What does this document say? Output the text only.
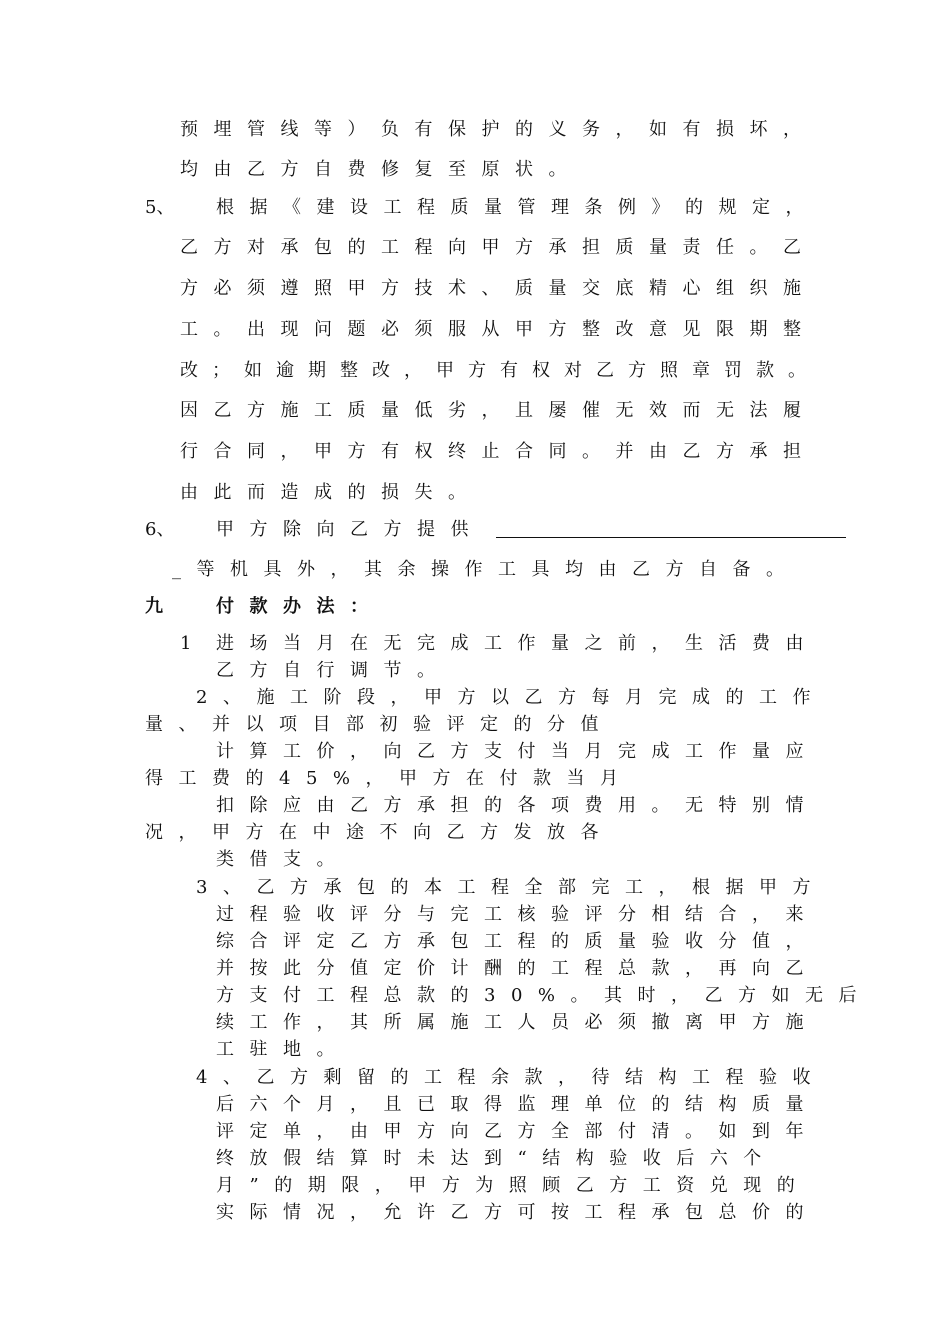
预埋管线等）负有保护的义务，如有损坏，
均由乙方自费修复至原状。
5、 根据《建设工程质量管理条例》的规定，
乙方对承包的工程向甲方承担质量责任。乙
方必须遵照甲方技术、质量交底精心组织施
工。出现问题必须服从甲方整改意见限期整
改；如逾期整改，甲方有权对乙方照章罚款。
因乙方施工质量低劣，且屡催无效而无法履
行合同，甲方有权终止合同。并由乙方承担
由此而造成的损失。
6、 甲方除向乙方提供
_等机具外，其余操作工具均由乙方自备。
九	付款办法：
1 进场当月在无完成工作量之前，生活费由
乙方自行调节。
2、施工阶段，甲方以乙方每月完成的工作
量、并以项目部初验评定的分值
计算工价，向乙方支付当月完成工作量应
得工费的45%，甲方在付款当月
扣除应由乙方承担的各项费用。无特别情
况，甲方在中途不向乙方发放各
类借支。
3、乙方承包的本工程全部完工，根据甲方
过程验收评分与完工核验评分相结合，来
综合评定乙方承包工程的质量验收分值，
并按此分值定价计酬的工程总款，再向乙
方支付工程总款的30%。其时，乙方如无后
续工作，其所属施工人员必须撤离甲方施
工驻地。
4、乙方剩留的工程余款，待结构工程验收
后六个月，且已取得监理单位的结构质量
评定单，由甲方向乙方全部付清。如到年
终放假结算时未达到“结构验收后六个
月”的期限，甲方为照顾乙方工资兑现的
实际情况，允许乙方可按工程承包总价的
